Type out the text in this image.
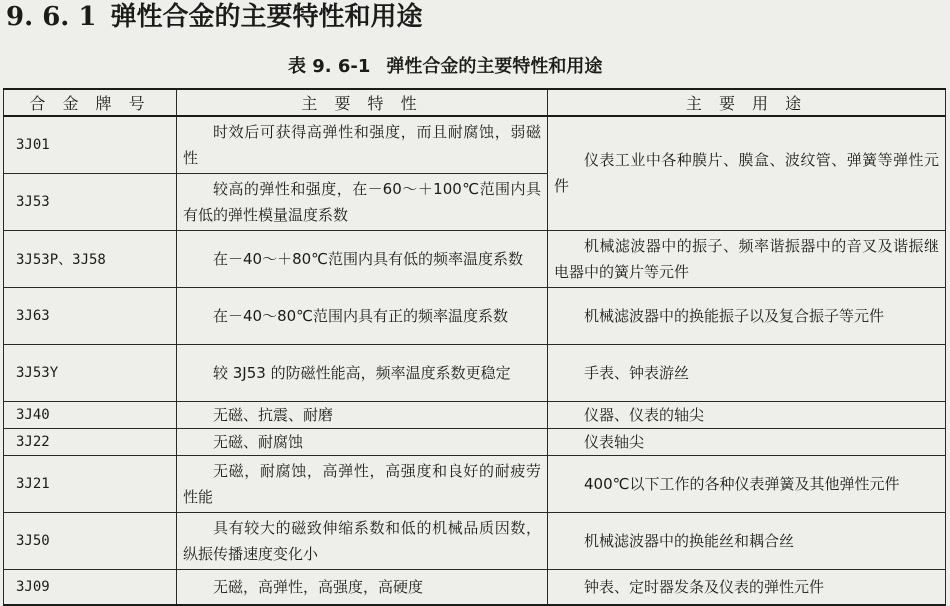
9. 6. 1 弹性合金的主要特性和用途
表 9. 6-1 弹性合金的主要特性和用途
合 金 牌 号	主 要 特 性	主 要 用 途
3J01	时效后可获得高弹性和强度，而且耐腐蚀，弱磁性	仪表工业中各种膜片、膜盒、波纹管、弹簧等弹性元件
3J53	较高的弹性和强度，在－60～＋100℃范围内具有低的弹性模量温度系数	
3J53P、3J58	在－40～＋80℃范围内具有低的频率温度系数	机械滤波器中的振子、频率谐振器中的音叉及谐振继电器中的簧片等元件
3J63	在－40～80℃范围内具有正的频率温度系数	机械滤波器中的换能振子以及复合振子等元件
3J53Y	较 3J53 的防磁性能高，频率温度系数更稳定	手表、钟表游丝
3J40	无磁、抗震、耐磨	仪器、仪表的轴尖
3J22	无磁、耐腐蚀	仪表轴尖
3J21	无磁，耐腐蚀，高弹性，高强度和良好的耐疲劳性能	400℃以下工作的各种仪表弹簧及其他弹性元件
3J50	具有较大的磁致伸缩系数和低的机械品质因数，纵振传播速度变化小	机械滤波器中的换能丝和耦合丝
3J09	无磁，高弹性，高强度，高硬度	钟表、定时器发条及仪表的弹性元件
